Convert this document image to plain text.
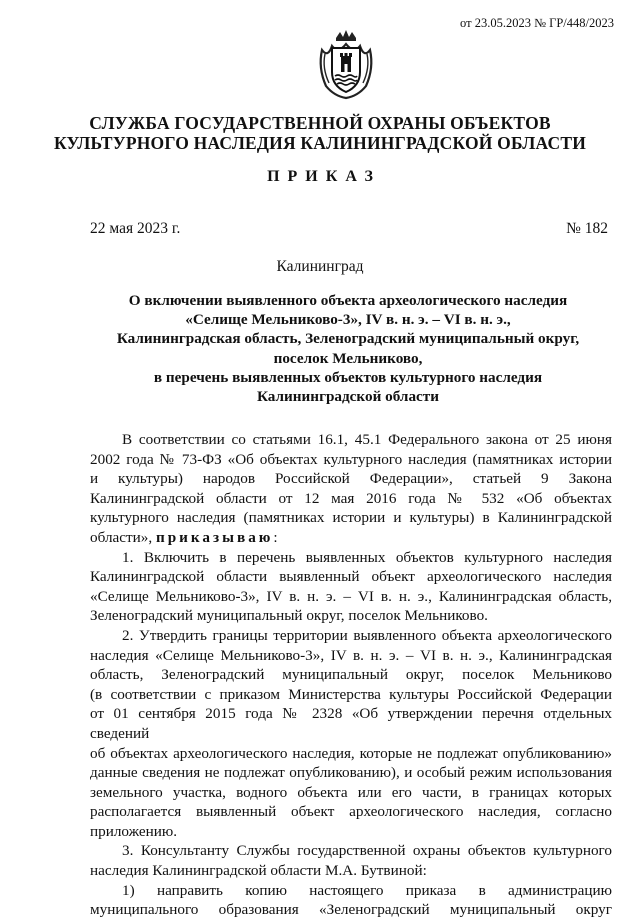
от 23.05.2023 № ГР/448/2023
СЛУЖБА ГОСУДАРСТВЕННОЙ ОХРАНЫ ОБЪЕКТОВ
КУЛЬТУРНОГО НАСЛЕДИЯ КАЛИНИНГРАДСКОЙ ОБЛАСТИ
ПРИКАЗ
22 мая 2023 г.	№ 182
Калининград
О включении выявленного объекта археологического наследия
«Селище Мельниково-3», IV в. н. э. – VI в. н. э.,
Калининградская область, Зеленоградский муниципальный округ,
поселок Мельниково,
в перечень выявленных объектов культурного наследия
Калининградской области
В соответствии со статьями 16.1, 45.1 Федерального закона от 25 июня
2002 года № 73-ФЗ «Об объектах культурного наследия (памятниках истории
и культуры) народов Российской Федерации», статьей 9 Закона
Калининградской области от 12 мая 2016 года № 532 «Об объектах
культурного наследия (памятниках истории и культуры) в Калининградской
области», приказываю:
1. Включить в перечень выявленных объектов культурного наследия
Калининградской области выявленный объект археологического наследия
«Селище Мельниково-3», IV в. н. э. – VI в. н. э., Калининградская область,
Зеленоградский муниципальный округ, поселок Мельниково.
2. Утвердить границы территории выявленного объекта археологического
наследия «Селище Мельниково-3», IV в. н. э. – VI в. н. э., Калининградская
область, Зеленоградский муниципальный округ, поселок Мельниково
(в соответствии с приказом Министерства культуры Российской Федерации
от 01 сентября 2015 года № 2328 «Об утверждении перечня отдельных сведений
об объектах археологического наследия, которые не подлежат опубликованию»
данные сведения не подлежат опубликованию), и особый режим использования
земельного участка, водного объекта или его части, в границах которых
располагается выявленный объект археологического наследия, согласно
приложению.
3. Консультанту Службы государственной охраны объектов культурного
наследия Калининградской области М.А. Бутвиной:
1) направить копию настоящего приказа в администрацию
муниципального образования «Зеленоградский муниципальный округ
